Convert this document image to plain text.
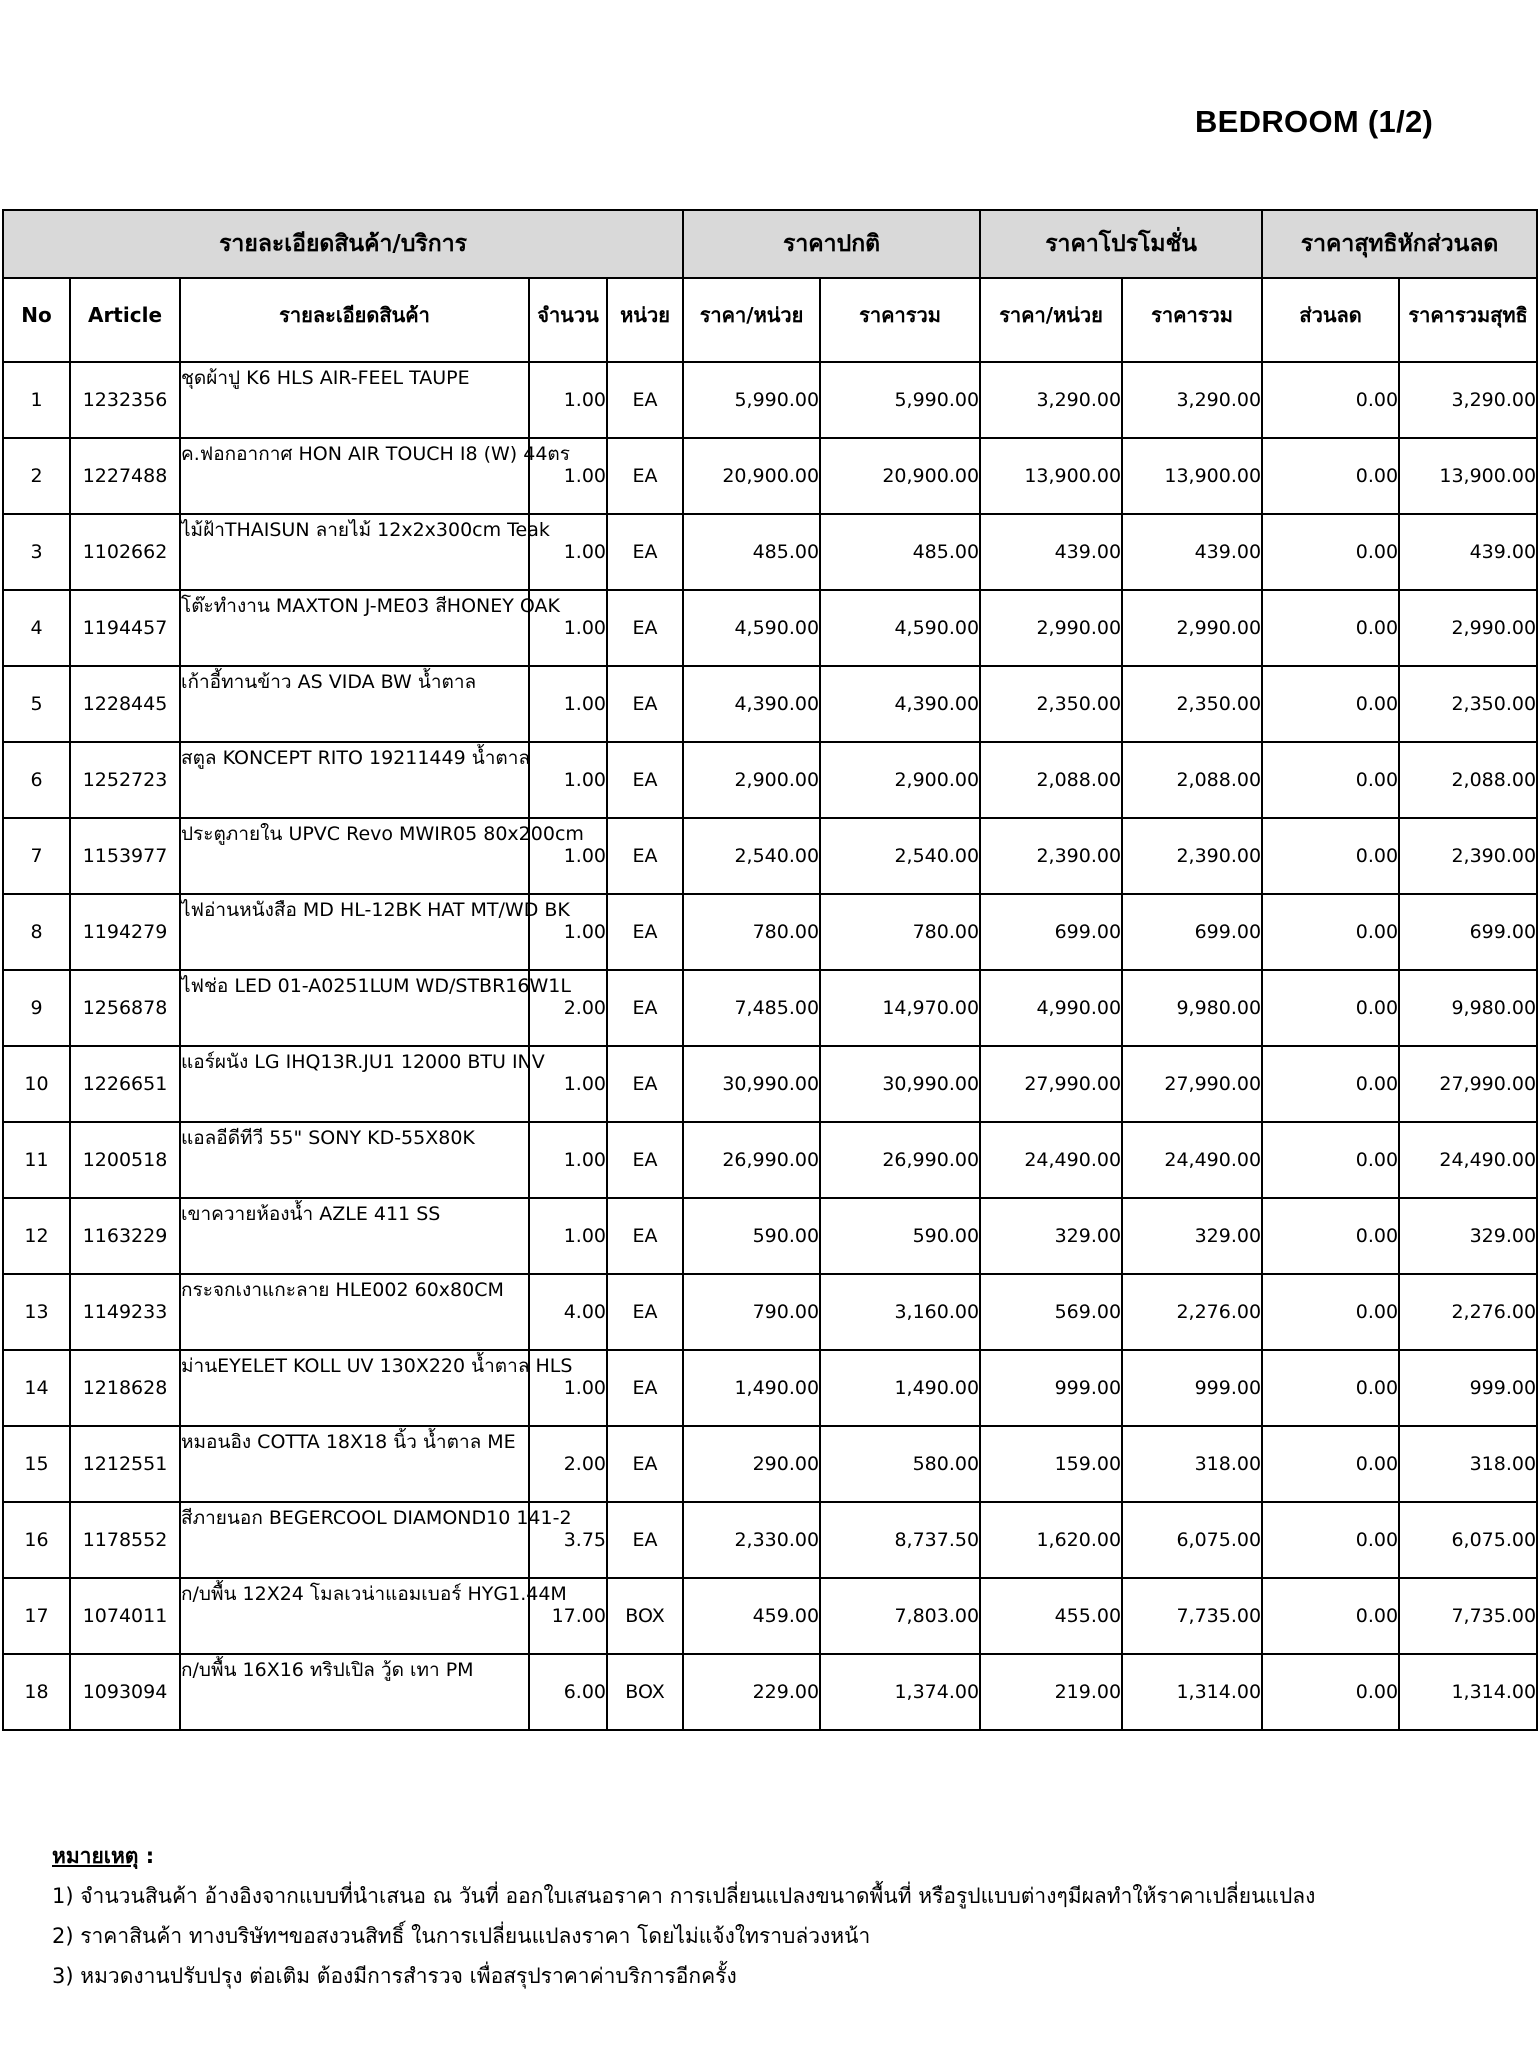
BEDROOM (1/2)
รายละเอียดสินค้า/บริการ					ราคาปกติ		ราคาโปรโมชั่น		ราคาสุทธิหักส่วนลด	
No	Article	รายละเอียดสินค้า	จำนวน	หน่วย	ราคา/หน่วย	ราคารวม	ราคา/หน่วย	ราคารวม	ส่วนลด	ราคารวมสุทธิ
1	1232356	ชุดผ้าปู K6 HLS AIR-FEEL TAUPE	1.00	EA	5,990.00	5,990.00	3,290.00	3,290.00	0.00	3,290.00
2	1227488	ค.ฟอกอากาศ HON AIR TOUCH I8 (W) 44ตร	1.00	EA	20,900.00	20,900.00	13,900.00	13,900.00	0.00	13,900.00
3	1102662	ไม้ฝ้าTHAISUN ลายไม้ 12x2x300cm Teak	1.00	EA	485.00	485.00	439.00	439.00	0.00	439.00
4	1194457	โต๊ะทำงาน MAXTON J-ME03 สีHONEY OAK	1.00	EA	4,590.00	4,590.00	2,990.00	2,990.00	0.00	2,990.00
5	1228445	เก้าอี้ทานข้าว AS VIDA BW น้ำตาล	1.00	EA	4,390.00	4,390.00	2,350.00	2,350.00	0.00	2,350.00
6	1252723	สตูล KONCEPT RITO 19211449 น้ำตาล	1.00	EA	2,900.00	2,900.00	2,088.00	2,088.00	0.00	2,088.00
7	1153977	ประตูภายใน UPVC Revo MWIR05 80x200cm	1.00	EA	2,540.00	2,540.00	2,390.00	2,390.00	0.00	2,390.00
8	1194279	ไฟอ่านหนังสือ MD HL-12BK HAT MT/WD BK	1.00	EA	780.00	780.00	699.00	699.00	0.00	699.00
9	1256878	ไฟช่อ LED 01-A0251LUM WD/STBR16W1L	2.00	EA	7,485.00	14,970.00	4,990.00	9,980.00	0.00	9,980.00
10	1226651	แอร์ผนัง LG IHQ13R.JU1 12000 BTU INV	1.00	EA	30,990.00	30,990.00	27,990.00	27,990.00	0.00	27,990.00
11	1200518	แอลอีดีทีวี 55" SONY KD-55X80K	1.00	EA	26,990.00	26,990.00	24,490.00	24,490.00	0.00	24,490.00
12	1163229	เขาควายห้องน้ำ AZLE 411 SS	1.00	EA	590.00	590.00	329.00	329.00	0.00	329.00
13	1149233	กระจกเงาแกะลาย HLE002 60x80CM	4.00	EA	790.00	3,160.00	569.00	2,276.00	0.00	2,276.00
14	1218628	ม่านEYELET KOLL UV 130X220 น้ำตาล HLS	1.00	EA	1,490.00	1,490.00	999.00	999.00	0.00	999.00
15	1212551	หมอนอิง COTTA 18X18 นิ้ว น้ำตาล ME	2.00	EA	290.00	580.00	159.00	318.00	0.00	318.00
16	1178552	สีภายนอก BEGERCOOL DIAMOND10 141-2	3.75	EA	2,330.00	8,737.50	1,620.00	6,075.00	0.00	6,075.00
17	1074011	ก/บพื้น 12X24 โมลเวน่าแอมเบอร์ HYG1.44M	17.00	BOX	459.00	7,803.00	455.00	7,735.00	0.00	7,735.00
18	1093094	ก/บพื้น 16X16 ทริปเปิล วู้ด เทา PM	6.00	BOX	229.00	1,374.00	219.00	1,314.00	0.00	1,314.00
หมายเหตุ :
1) จำนวนสินค้า อ้างอิงจากแบบที่นำเสนอ ณ วันที่ ออกใบเสนอราคา การเปลี่ยนแปลงขนาดพื้นที่ หรือรูปแบบต่างๆมีผลทำให้ราคาเปลี่ยนแปลง
2) ราคาสินค้า ทางบริษัทฯขอสงวนสิทธิ์ ในการเปลี่ยนแปลงราคา โดยไม่แจ้งใทราบล่วงหน้า
3) หมวดงานปรับปรุง ต่อเติม ต้องมีการสำรวจ เพื่อสรุปราคาค่าบริการอีกครั้ง
